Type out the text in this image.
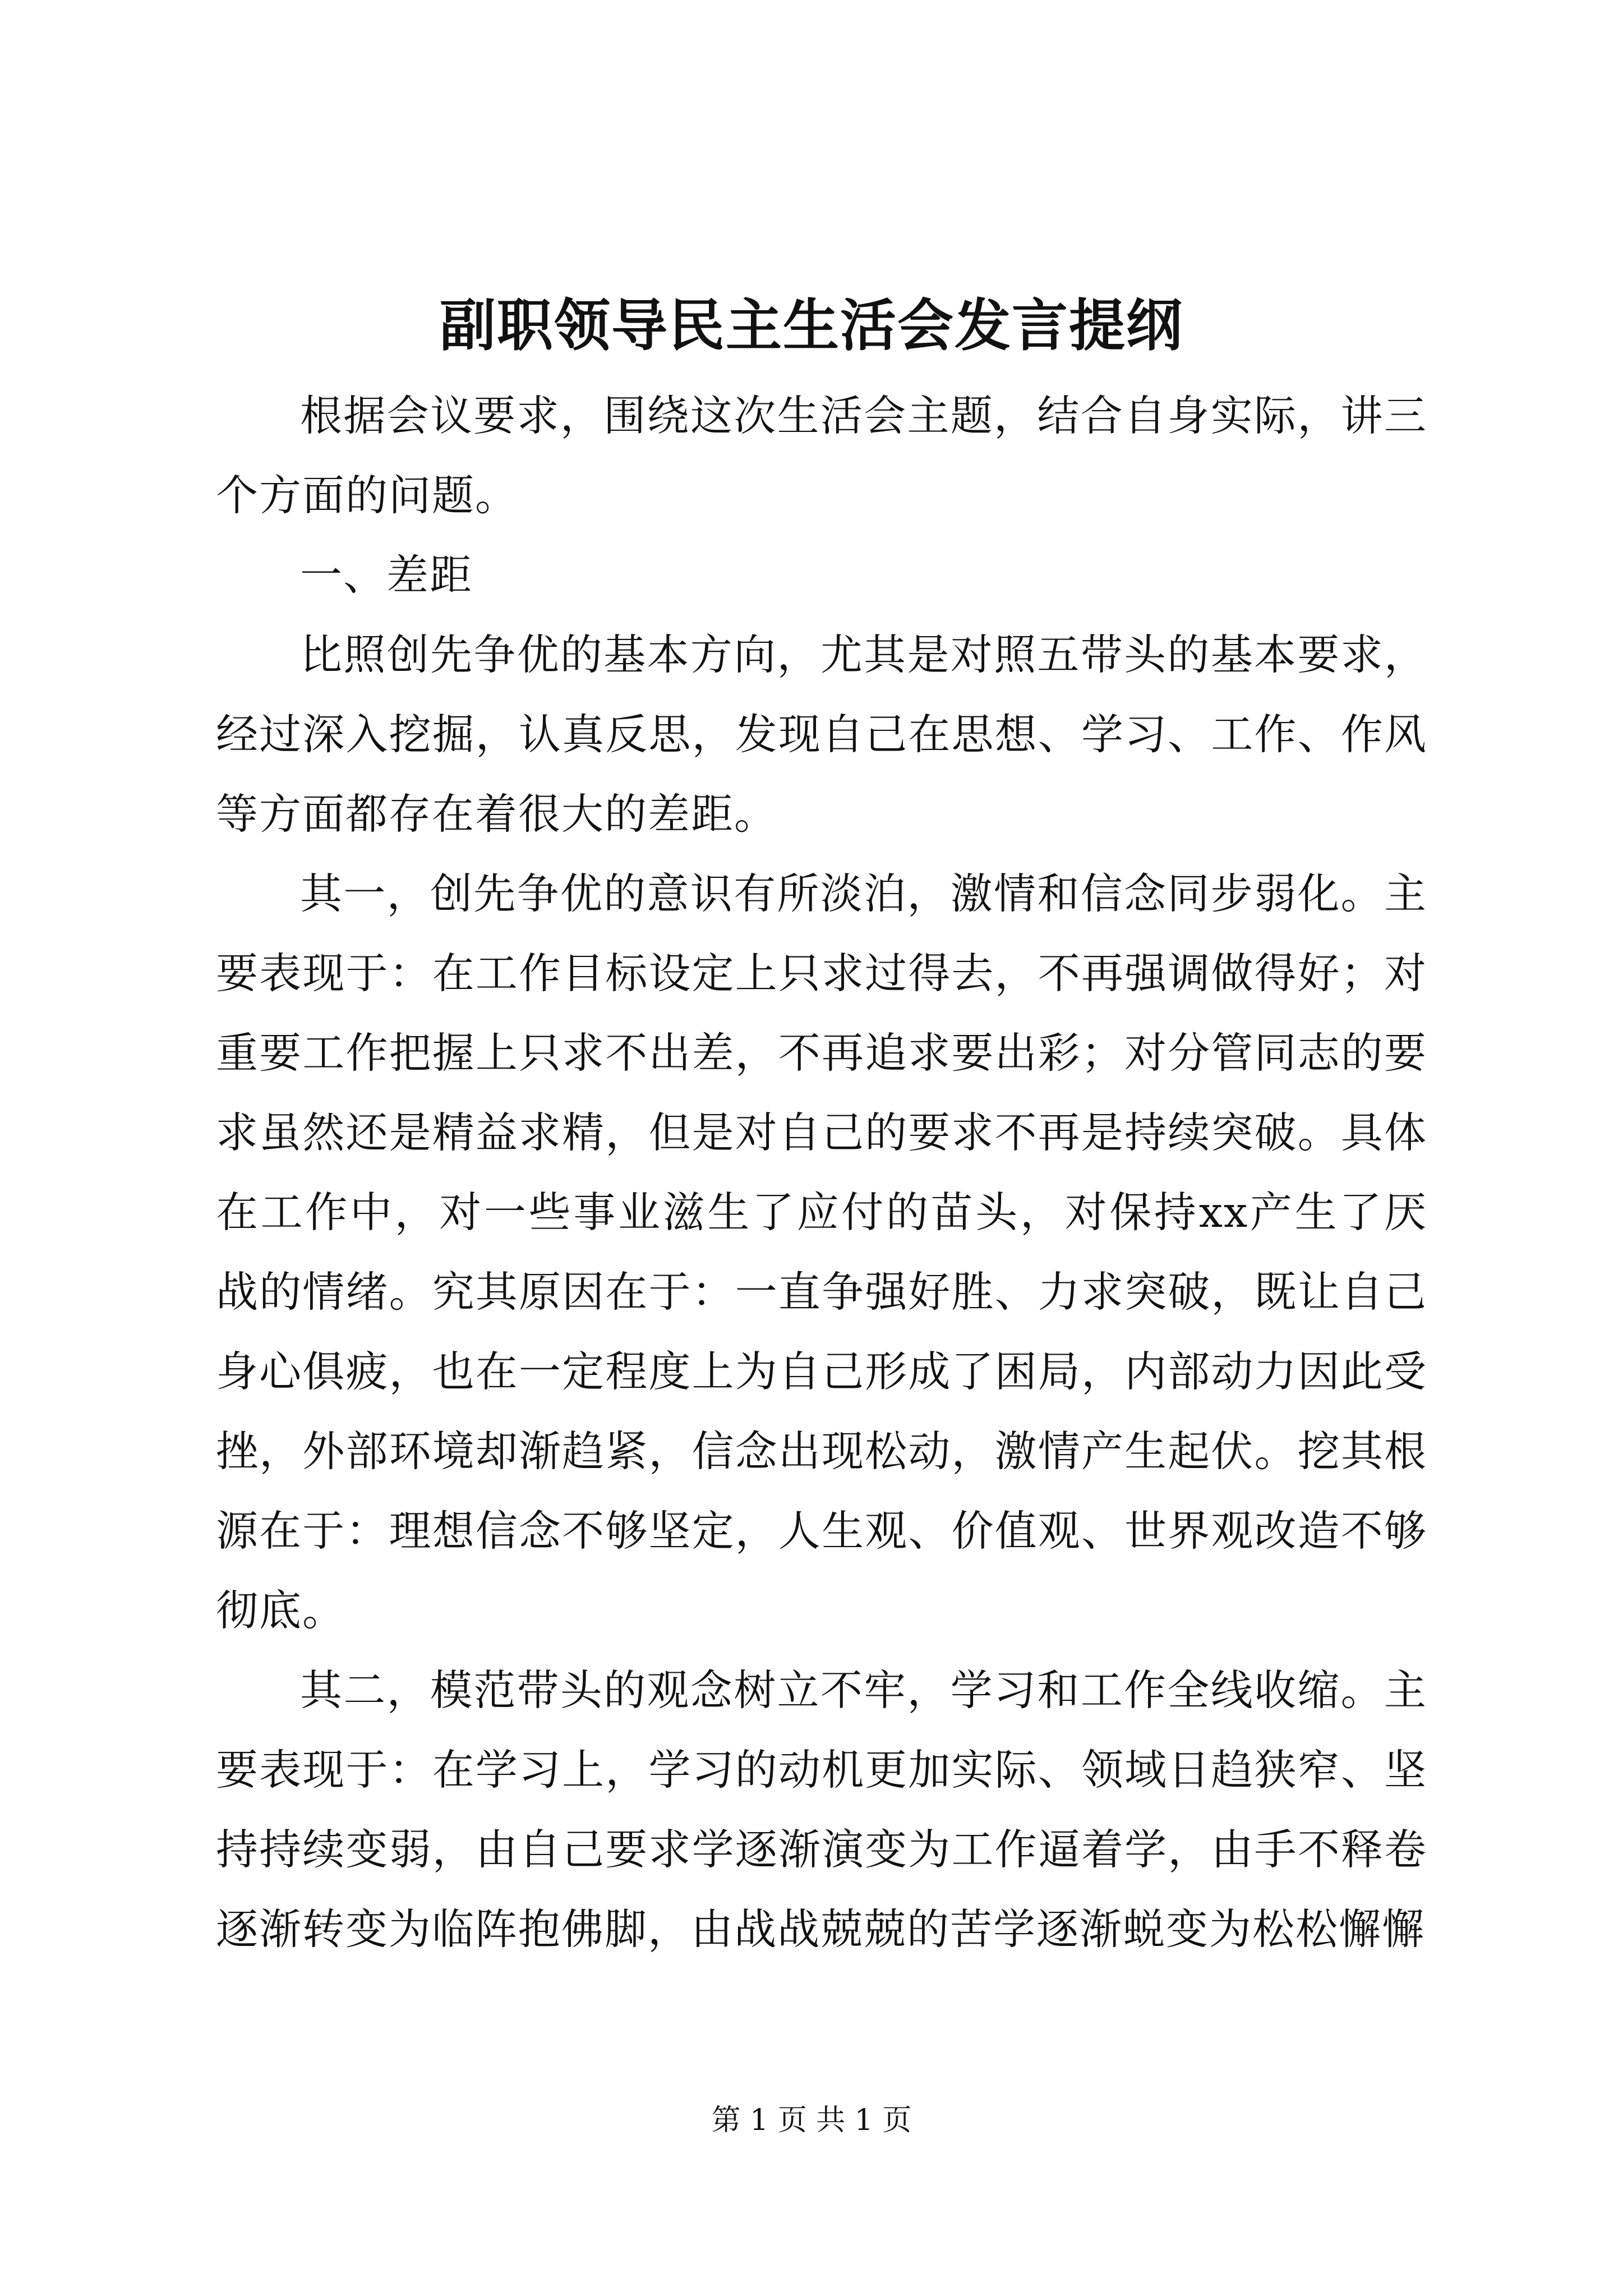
副职领导民主生活会发言提纲

根据会议要求，围绕这次生活会主题，结合自身实际，讲三个方面的问题。

一、差距

比照创先争优的基本方向，尤其是对照五带头的基本要求，经过深入挖掘，认真反思，发现自己在思想、学习、工作、作风等方面都存在着很大的差距。

其一，创先争优的意识有所淡泊，激情和信念同步弱化。主要表现于：在工作目标设定上只求过得去，不再强调做得好；对重要工作把握上只求不出差，不再追求要出彩；对分管同志的要求虽然还是精益求精，但是对自己的要求不再是持续突破。具体在工作中，对一些事业滋生了应付的苗头，对保持xx产生了厌战的情绪。究其原因在于：一直争强好胜、力求突破，既让自己身心俱疲，也在一定程度上为自己形成了困局，内部动力因此受挫，外部环境却渐趋紧，信念出现松动，激情产生起伏。挖其根源在于：理想信念不够坚定，人生观、价值观、世界观改造不够彻底。

其二，模范带头的观念树立不牢，学习和工作全线收缩。主要表现于：在学习上，学习的动机更加实际、领域日趋狭窄、坚持持续变弱，由自己要求学逐渐演变为工作逼着学，由手不释卷逐渐转变为临阵抱佛脚，由战战兢兢的苦学逐渐蜕变为松松懈懈

第 1 页 共 1 页
